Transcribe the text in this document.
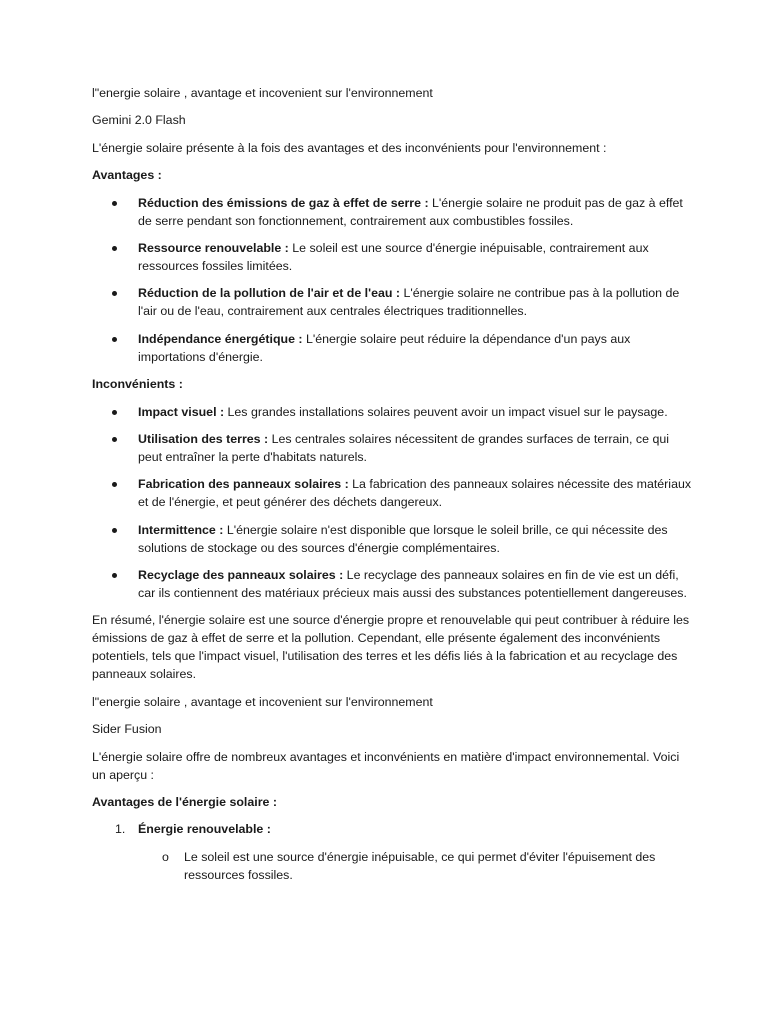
l"energie solaire , avantage et incovenient sur l'environnement

Gemini 2.0 Flash

L'énergie solaire présente à la fois des avantages et des inconvénients pour l'environnement :

Avantages :

Réduction des émissions de gaz à effet de serre : L'énergie solaire ne produit pas de gaz à effet de serre pendant son fonctionnement, contrairement aux combustibles fossiles.
Ressource renouvelable : Le soleil est une source d'énergie inépuisable, contrairement aux ressources fossiles limitées.
Réduction de la pollution de l'air et de l'eau : L'énergie solaire ne contribue pas à la pollution de l'air ou de l'eau, contrairement aux centrales électriques traditionnelles.
Indépendance énergétique : L'énergie solaire peut réduire la dépendance d'un pays aux importations d'énergie.

Inconvénients :

Impact visuel : Les grandes installations solaires peuvent avoir un impact visuel sur le paysage.
Utilisation des terres : Les centrales solaires nécessitent de grandes surfaces de terrain, ce qui peut entraîner la perte d'habitats naturels.
Fabrication des panneaux solaires : La fabrication des panneaux solaires nécessite des matériaux et de l'énergie, et peut générer des déchets dangereux.
Intermittence : L'énergie solaire n'est disponible que lorsque le soleil brille, ce qui nécessite des solutions de stockage ou des sources d'énergie complémentaires.
Recyclage des panneaux solaires : Le recyclage des panneaux solaires en fin de vie est un défi, car ils contiennent des matériaux précieux mais aussi des substances potentiellement dangereuses.

En résumé, l'énergie solaire est une source d'énergie propre et renouvelable qui peut contribuer à réduire les émissions de gaz à effet de serre et la pollution. Cependant, elle présente également des inconvénients potentiels, tels que l'impact visuel, l'utilisation des terres et les défis liés à la fabrication et au recyclage des panneaux solaires.

l"energie solaire , avantage et incovenient sur l'environnement

Sider Fusion

L'énergie solaire offre de nombreux avantages et inconvénients en matière d'impact environnemental. Voici un aperçu :

Avantages de l'énergie solaire :

1. Énergie renouvelable :
o Le soleil est une source d'énergie inépuisable, ce qui permet d'éviter l'épuisement des ressources fossiles.
